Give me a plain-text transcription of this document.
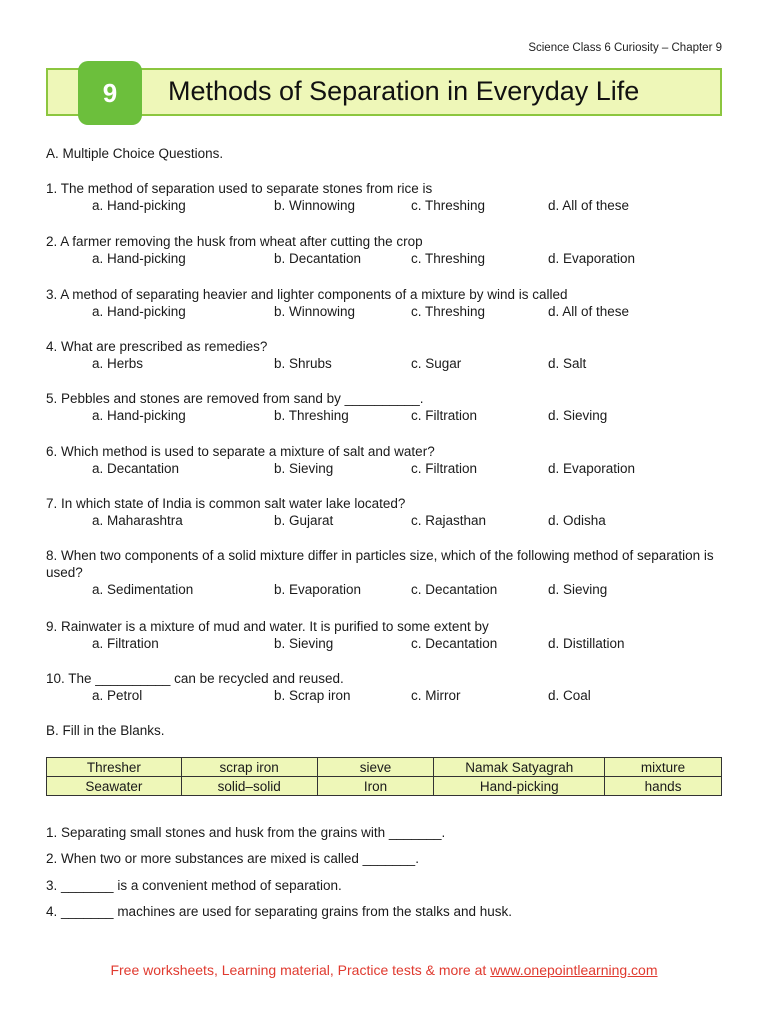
Science Class 6 Curiosity – Chapter 9
9	Methods of Separation in Everyday Life
A. Multiple Choice Questions.
1. The method of separation used to separate stones from rice is
a. Hand-picking	b. Winnowing	c. Threshing	d. All of these
2. A farmer removing the husk from wheat after cutting the crop
a. Hand-picking	b. Decantation	c. Threshing	d. Evaporation
3. A method of separating heavier and lighter components of a mixture by wind is called
a. Hand-picking	b. Winnowing	c. Threshing	d. All of these
4. What are prescribed as remedies?
a. Herbs	b. Shrubs	c. Sugar	d. Salt
5. Pebbles and stones are removed from sand by __________.
a. Hand-picking	b. Threshing	c. Filtration	d. Sieving
6. Which method is used to separate a mixture of salt and water?
a. Decantation	b. Sieving	c. Filtration	d. Evaporation
7. In which state of India is common salt water lake located?
a. Maharashtra	b. Gujarat	c. Rajasthan	d. Odisha
8. When two components of a solid mixture differ in particles size, which of the following method of separation is used?
a. Sedimentation	b. Evaporation	c. Decantation	d. Sieving
9. Rainwater is a mixture of mud and water. It is purified to some extent by
a. Filtration	b. Sieving	c. Decantation	d. Distillation
10. The __________ can be recycled and reused.
a. Petrol	b. Scrap iron	c. Mirror	d. Coal
B. Fill in the Blanks.
Thresher	scrap iron	sieve	Namak Satyagrah	mixture
Seawater	solid–solid	Iron	Hand-picking	hands
1. Separating small stones and husk from the grains with _______.
2. When two or more substances are mixed is called _______.
3. _______ is a convenient method of separation.
4. _______ machines are used for separating grains from the stalks and husk.
Free worksheets, Learning material, Practice tests & more at www.onepointlearning.com
